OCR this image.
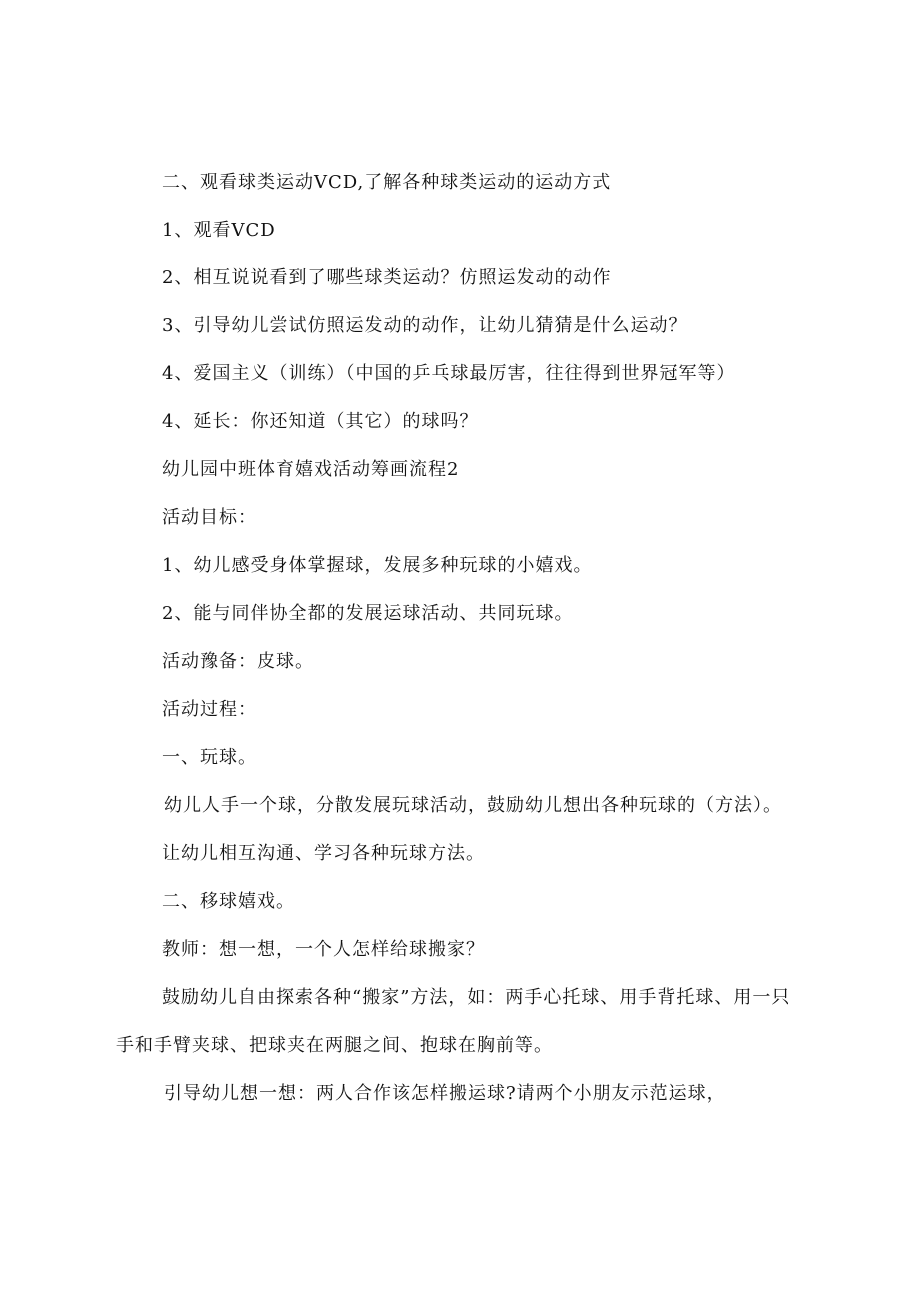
二、观看球类运动VCD,了解各种球类运动的运动方式
1、观看VCD
2、相互说说看到了哪些球类运动？仿照运发动的动作
3、引导幼儿尝试仿照运发动的动作，让幼儿猜猜是什么运动？
4、爱国主义（训练）（中国的乒乓球最厉害，往往得到世界冠军等）
4、延长：你还知道（其它）的球吗？
幼儿园中班体育嬉戏活动筹画流程2
活动目标：
1、幼儿感受身体掌握球，发展多种玩球的小嬉戏。
2、能与同伴协全都的发展运球活动、共同玩球。
活动豫备：皮球。
活动过程：
一、玩球。
幼儿人手一个球，分散发展玩球活动，鼓励幼儿想出各种玩球的（方法）。
让幼儿相互沟通、学习各种玩球方法。
二、移球嬉戏。
教师：想一想，一个人怎样给球搬家？
鼓励幼儿自由探索各种“搬家”方法，如：两手心托球、用手背托球、用一只
手和手臂夹球、把球夹在两腿之间、抱球在胸前等。
引导幼儿想一想：两人合作该怎样搬运球?请两个小朋友示范运球，
